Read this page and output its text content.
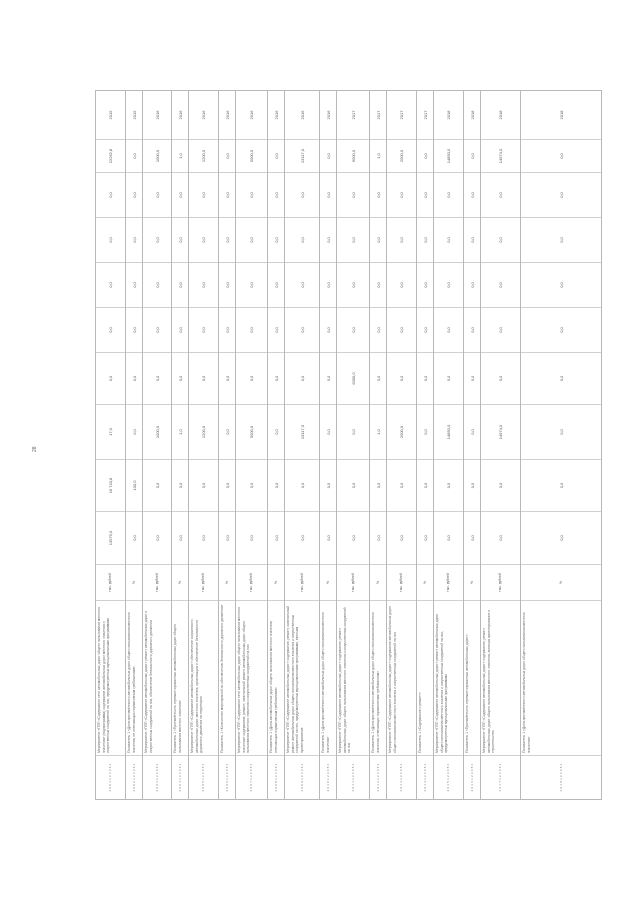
28
2 0 0 1 1 2 3 4 5 1
Мероприятие «ППП «Содержание сети автомобильных дорог общего пользования местного значения» (подпрограмма) содержание автомобильных дорог местного значения и искусственных сооружений на них, предусмотренных муниципальными программами
тыс. рублей
13579,0
16 743,8
17,0
0,0
0,0
0,0
0,0
0,0
22262,8
2015
2 0 0 2 1 2 3 4 5 1
Показатель 1 «Доля протяжённости автомобильных дорог общего пользования местного значения, не отвечающих нормативным требованиям»
%
0,0
100,0
0,0
0,0
0,0
0,0
0,0
0,0
0,0
2015
2 0 0 3 1 2 3 4 5 1
Мероприятие «ППП «Содержание автомобильных дорог» ремонт автомобильных дорог и искусственных сооружений на них, обеспечение безопасности дорожного движения
тыс. рублей
0,0
0,0
1000,0
0,0
0,0
0,0
0,0
0,0
1000,0
2016
2 0 0 4 1 2 3 4 5 1
Показатель 1 «Протяжённость отремонтированных автомобильных дорог общего пользования местного значения»
%
0,0
0,0
1,0
0,0
0,0
0,0
0,0
0,0
1,0
2016
2 0 0 5 1 2 3 4 5 1
Мероприятие «ППП «Содержание автомобильных дорог» обеспечение сохранности автомобильных дорог местного значения, организация и обеспечение безопасности дорожного движения на территории
тыс. рублей
0,0
0,0
1200,0
0,0
0,0
0,0
0,0
0,0
1200,0
2016
2 0 0 6 1 2 3 4 5 1
Показатель 1 «Количество мероприятий по обеспечению безопасности дорожного движения»
%
0,0
0,0
0,0
0,0
0,0
0,0
0,0
0,0
0,0
2016
2 0 0 7 1 2 3 4 5 1
Мероприятие «ППП «Содержание сети автомобильных дорог общего пользования местного значения» содержание, ремонт, капитальный ремонт автомобильных дорог общего пользования местного значения и искусственных сооружений на них
тыс. рублей
0,0
0,0
5000,0
0,0
0,0
0,0
0,0
0,0
5000,0
2016
2 0 0 8 1 2 3 4 5 1
Показатель 1 «Доля автомобильных дорог общего пользования местного значения, отвечающих нормативным требованиям»
%
0,0
0,0
0,0
0,0
0,0
0,0
0,0
0,0
0,0
2016
2 0 0 9 1 2 3 4 5 1
Мероприятие «ППП «Содержание автомобильных дорог» содержание, ремонт, капитальный ремонт автомобильных дорог общего пользования местного значения и искусственных сооружений на них, предусмотренных муниципальными программами, включая проектирование
тыс. рублей
0,0
0,0
13117,0
0,0
0,0
0,0
0,0
0,0
13117,0
2016
2 0 1 0 1 2 3 4 5 1
Показатель 1 «Доля протяжённости автомобильных дорог общего пользования местного значения»
%
0,0
0,0
0,0
0,0
0,0
0,0
0,0
0,0
0,0
2016
2 0 1 1 1 2 3 4 5 1
Мероприятие «ППП «Содержание автомобильных дорог» содержание, ремонт автомобильных дорог общего пользования местного значения и искусственных сооружений на них
тыс. рублей
0,0
0,0
0,0
6000,0
0,0
0,0
0,0
0,0
6000,0
2017
2 0 1 2 1 2 3 4 5 1
Показатель 1 «Доля протяжённости автомобильных дорог общего пользования местного значения, отвечающих нормативным требованиям»
%
0,0
0,0
1,0
0,0
0,0
0,0
0,0
0,0
1,0
2017
2 0 1 3 1 2 3 4 5 1
Мероприятие «ППП «Содержание автомобильных дорог» содержание автомобильных дорог общего пользования местного значения и искусственных сооружений на них
тыс. рублей
0,0
0,0
2000,0
0,0
0,0
0,0
0,0
0,0
2000,0
2017
2 0 1 4 1 2 3 4 5 1
Показатель 1 «Содержание и ремонт»
%
0,0
0,0
0,0
0,0
0,0
0,0
0,0
0,0
0,0
2017
2 0 1 5 1 2 3 4 5 1
Мероприятие «ППП «Содержание автомобильных дорог» ремонт автомобильных дорог общего пользования местного значения и искусственных сооружений на них, предусмотренных муниципальными программами
тыс. рублей
0,0
0,0
14850,0
0,0
0,0
0,0
0,0
0,0
14850,0
2018
2 0 1 6 1 2 3 4 5 1
Показатель 1 «Протяжённость отремонтированных автомобильных дорог»
%
0,0
0,0
0,0
0,0
0,0
0,0
0,0
0,0
0,0
2018
2 0 1 7 1 2 3 4 5 1
Мероприятие «ППП «Содержание автомобильных дорог» содержание, ремонт автомобильных дорог общего пользования местного значения, включая проектирование и строительство
тыс. рублей
0,0
0,0
14974,0
0,0
0,0
0,0
0,0
0,0
14974,0
2018
2 0 1 8 1 2 3 4 5 1
Показатель 1 «Доля протяжённости автомобильных дорог общего пользования местного значения»
%
0,0
0,0
0,0
0,0
0,0
0,0
0,0
0,0
0,0
2018
